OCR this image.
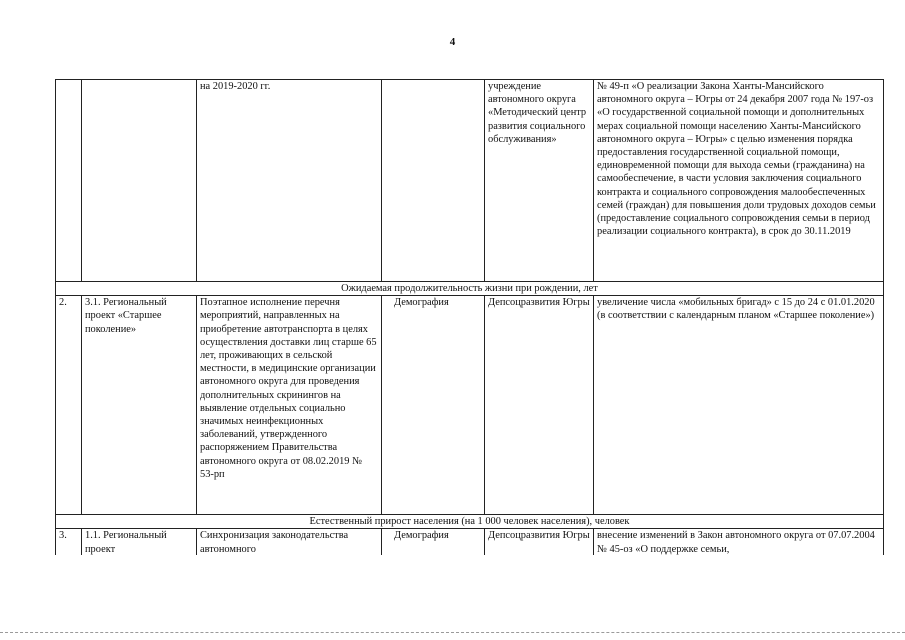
4
		на 2019-2020 гг.		учреждение автономного округа «Методический центр развития социального обслуживания»	№ 49-п «О реализации Закона Ханты-Мансийского автономного округа – Югры от 24 декабря 2007 года № 197-оз «О государственной социальной помощи и дополнительных мерах социальной помощи населению Ханты-Мансийского автономного округа – Югры» с целью изменения порядка предоставления государственной социальной помощи, единовременной помощи для выхода семьи (гражданина) на самообеспечение, в части условия заключения социального контракта и социального сопровождения малообеспеченных семей (граждан) для повышения доли трудовых доходов семьи (предоставление социального сопровождения семьи в период реализации социального контракта), в срок до 30.11.2019
Ожидаемая продолжительность жизни при рождении, лет					
2.	3.1. Региональный проект «Старшее поколение»	Поэтапное исполнение перечня мероприятий, направленных на приобретение автотранспорта в целях осуществления доставки лиц старше 65 лет, проживающих в сельской местности, в медицинские организации автономного округа для проведения дополнительных скринингов на выявление отдельных социально значимых неинфекционных заболеваний, утвержденного распоряжением Правительства автономного округа от 08.02.2019 № 53-рп	Демография	Депсоцразвития Югры	увеличение числа «мобильных бригад» с 15 до 24 с 01.01.2020 (в соответствии с календарным планом «Старшее поколение»)
Естественный прирост населения (на 1 000 человек населения), человек					

3.	1.1. Региональный проект	Синхронизация законодательства автономного	Демография	Депсоцразвития Югры	внесение изменений в Закон автономного округа от 07.07.2004 № 45-оз «О поддержке семьи,
